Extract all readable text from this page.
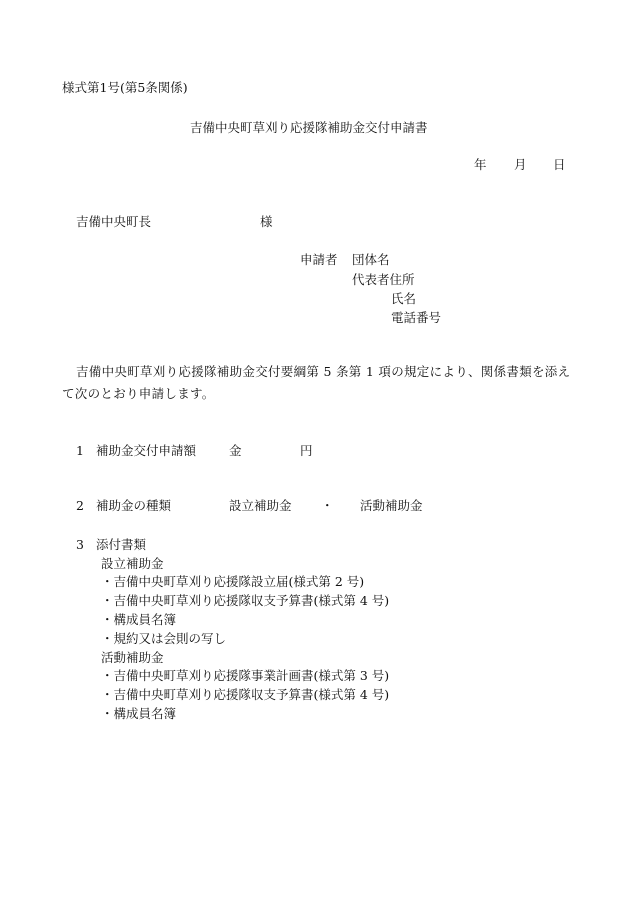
様式第1号(第5条関係)
吉備中央町草刈り応援隊補助金交付申請書
年 月 日
吉備中央町長	様
申請者 団体名
代表者住所
氏名
電話番号
吉備中央町草刈り応援隊補助金交付要綱第 5 条第 1 項の規定により、関係書類を添えて次のとおり申請します。
1 補助金交付申請額	金	円
2 補助金の種類	設立補助金 ・ 活動補助金
3 添付書類
設立補助金
・吉備中央町草刈り応援隊設立届(様式第 2 号)
・吉備中央町草刈り応援隊収支予算書(様式第 4 号)
・構成員名簿
・規約又は会則の写し
活動補助金
・吉備中央町草刈り応援隊事業計画書(様式第 3 号)
・吉備中央町草刈り応援隊収支予算書(様式第 4 号)
・構成員名簿
